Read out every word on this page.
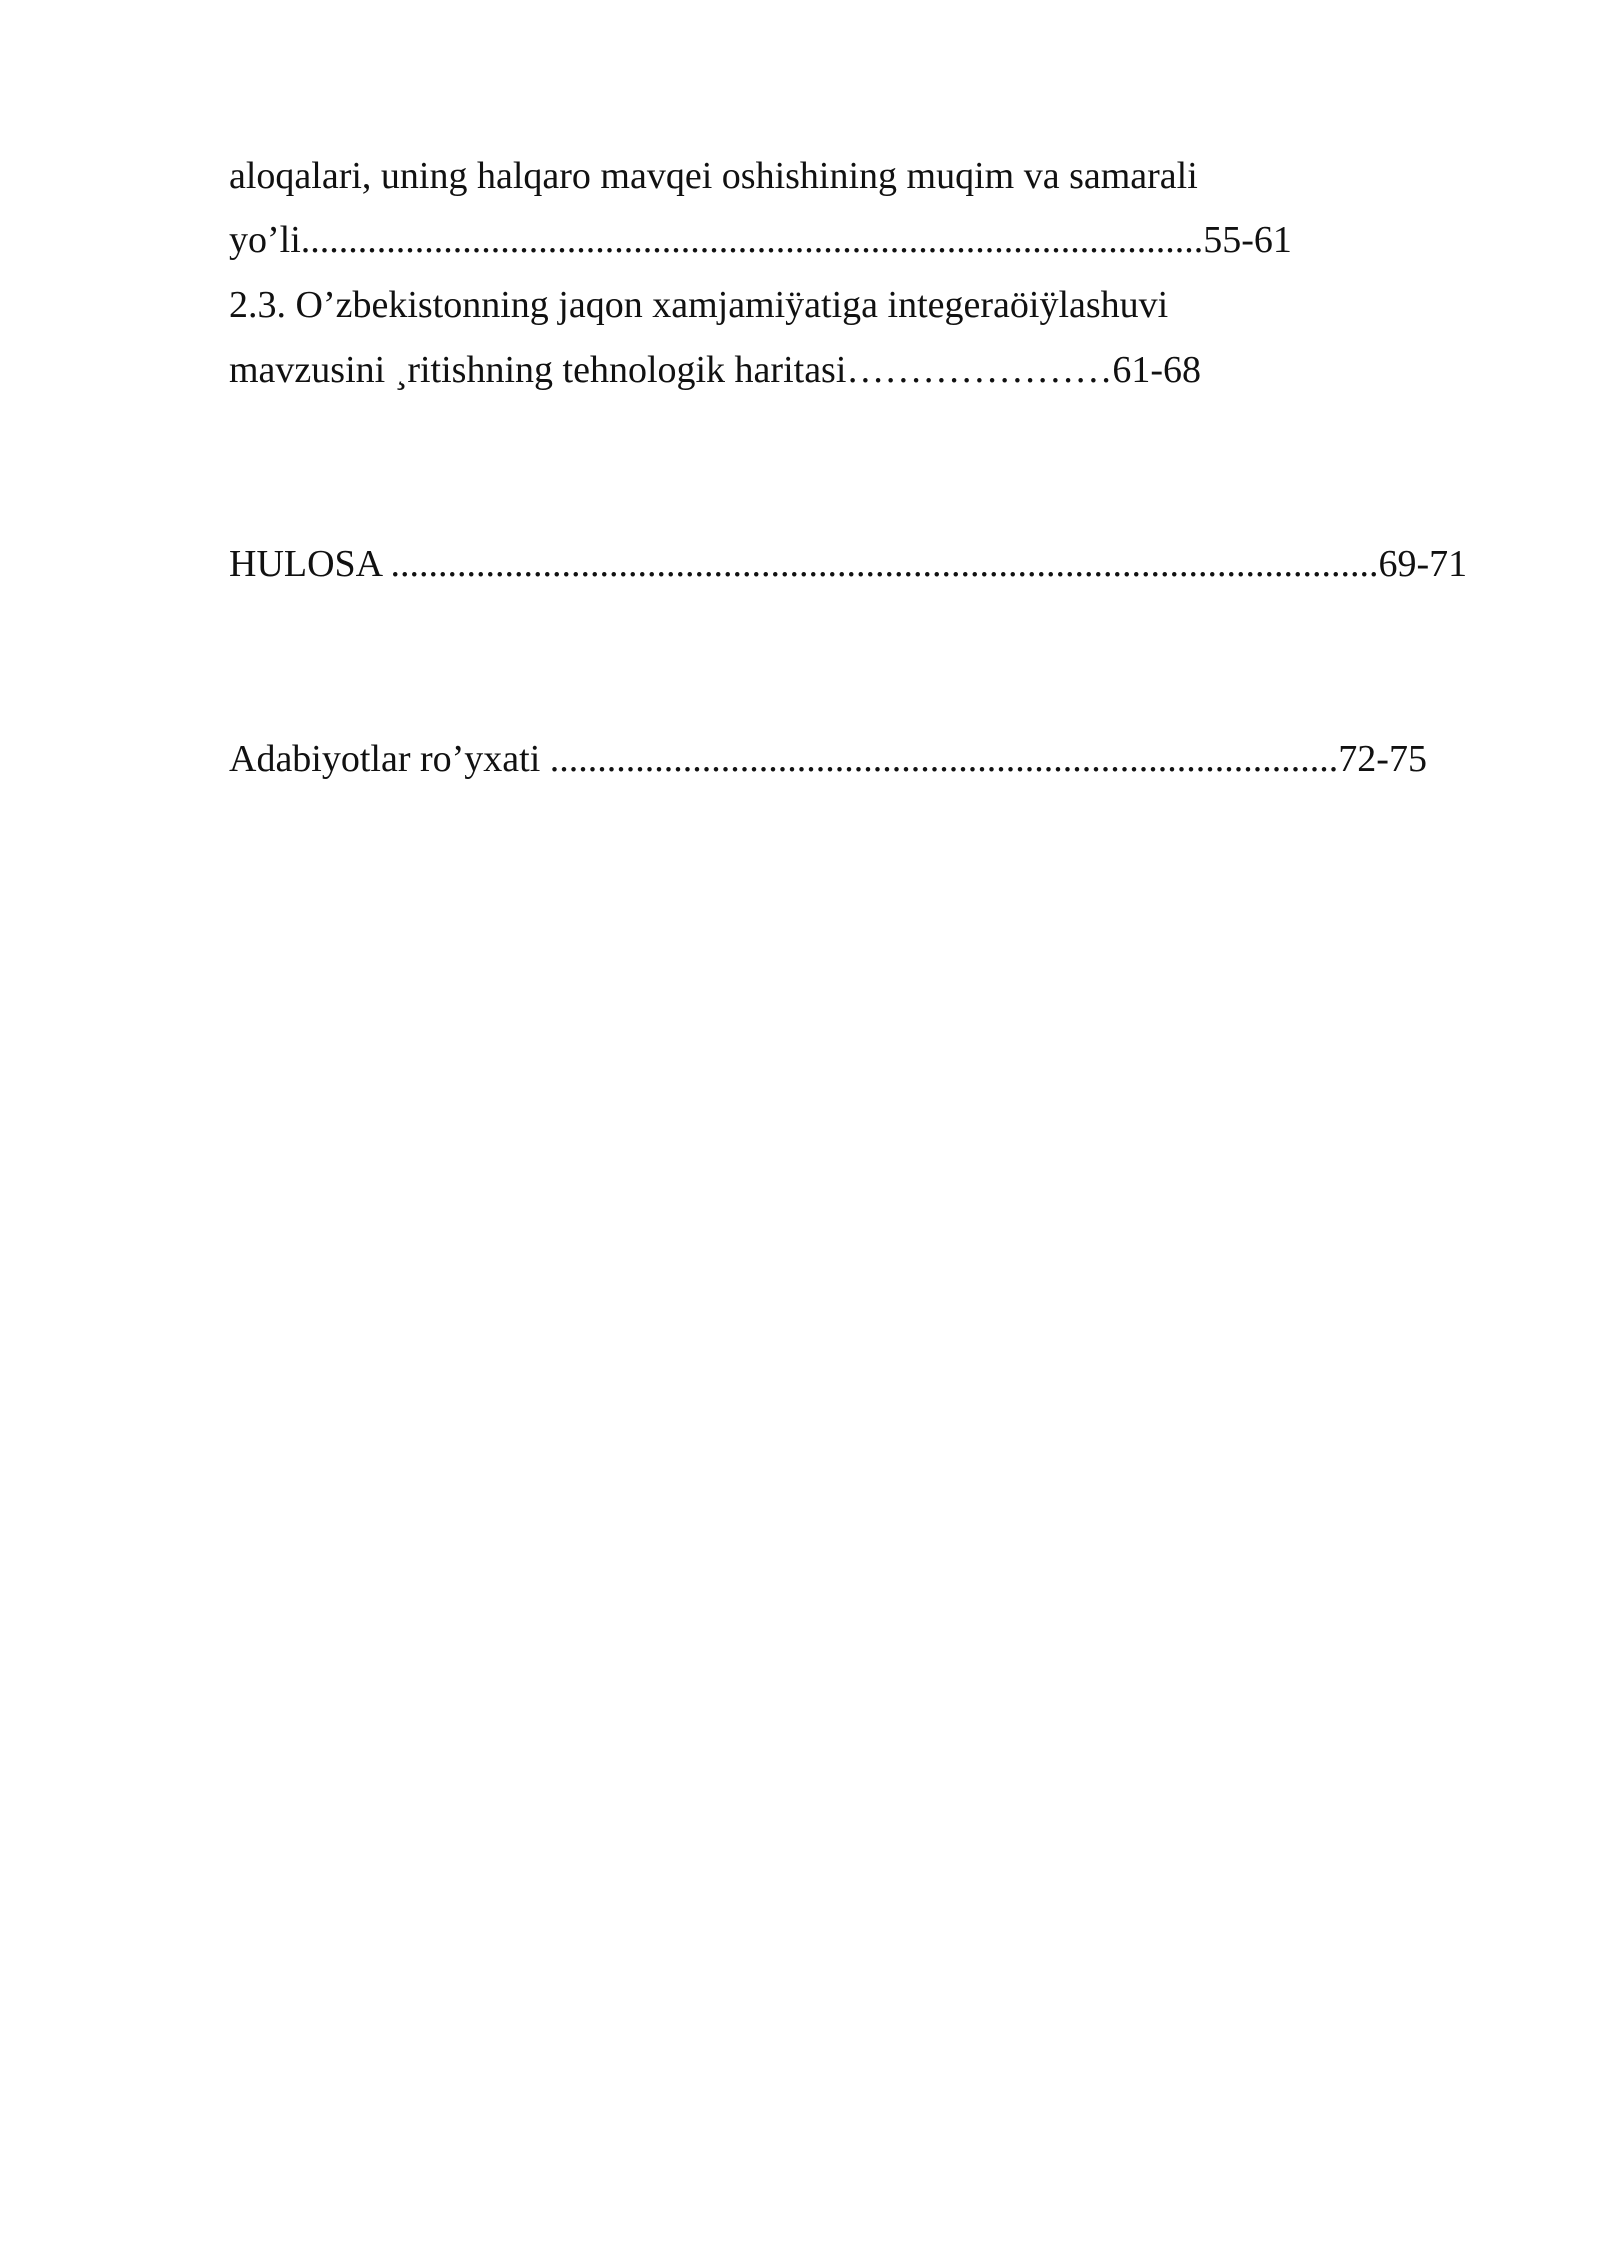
aloqalari, uning halqaro mavqei oshishining muqim va samarali

yo’li...............................................................................................55-61

2.3. O’zbekistonning jaqon xamjamiÿatiga integeraöiÿlashuvi

mavzusini ¸ritishning tehnologik haritasi…………………61-68

HULOSA ........................................................................................................69-71

Adabiyotlar ro’yxati ...................................................................................72-75
